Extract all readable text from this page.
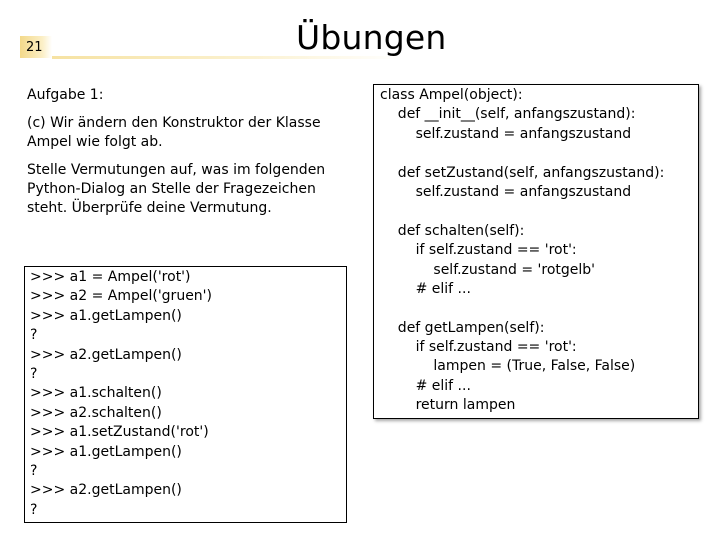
21	Übungen
Aufgabe 1:
(c) Wir ändern den Konstruktor der Klasse Ampel wie folgt ab.
Stelle Vermutungen auf, was im folgenden Python-Dialog an Stelle der Fragezeichen steht. Überprüfe deine Vermutung.
>>> a1 = Ampel('rot')
>>> a2 = Ampel('gruen')
>>> a1.getLampen()
?
>>> a2.getLampen()
?
>>> a1.schalten()
>>> a2.schalten()
>>> a1.setZustand('rot')
>>> a1.getLampen()
?
>>> a2.getLampen()
?
class Ampel(object):
def __init__(self, anfangszustand):
self.zustand = anfangszustand
def setZustand(self, anfangszustand):
self.zustand = anfangszustand
def schalten(self):
if self.zustand == 'rot':
self.zustand = 'rotgelb'
# elif ...
def getLampen(self):
if self.zustand == 'rot':
lampen = (True, False, False)
# elif ...
return lampen
